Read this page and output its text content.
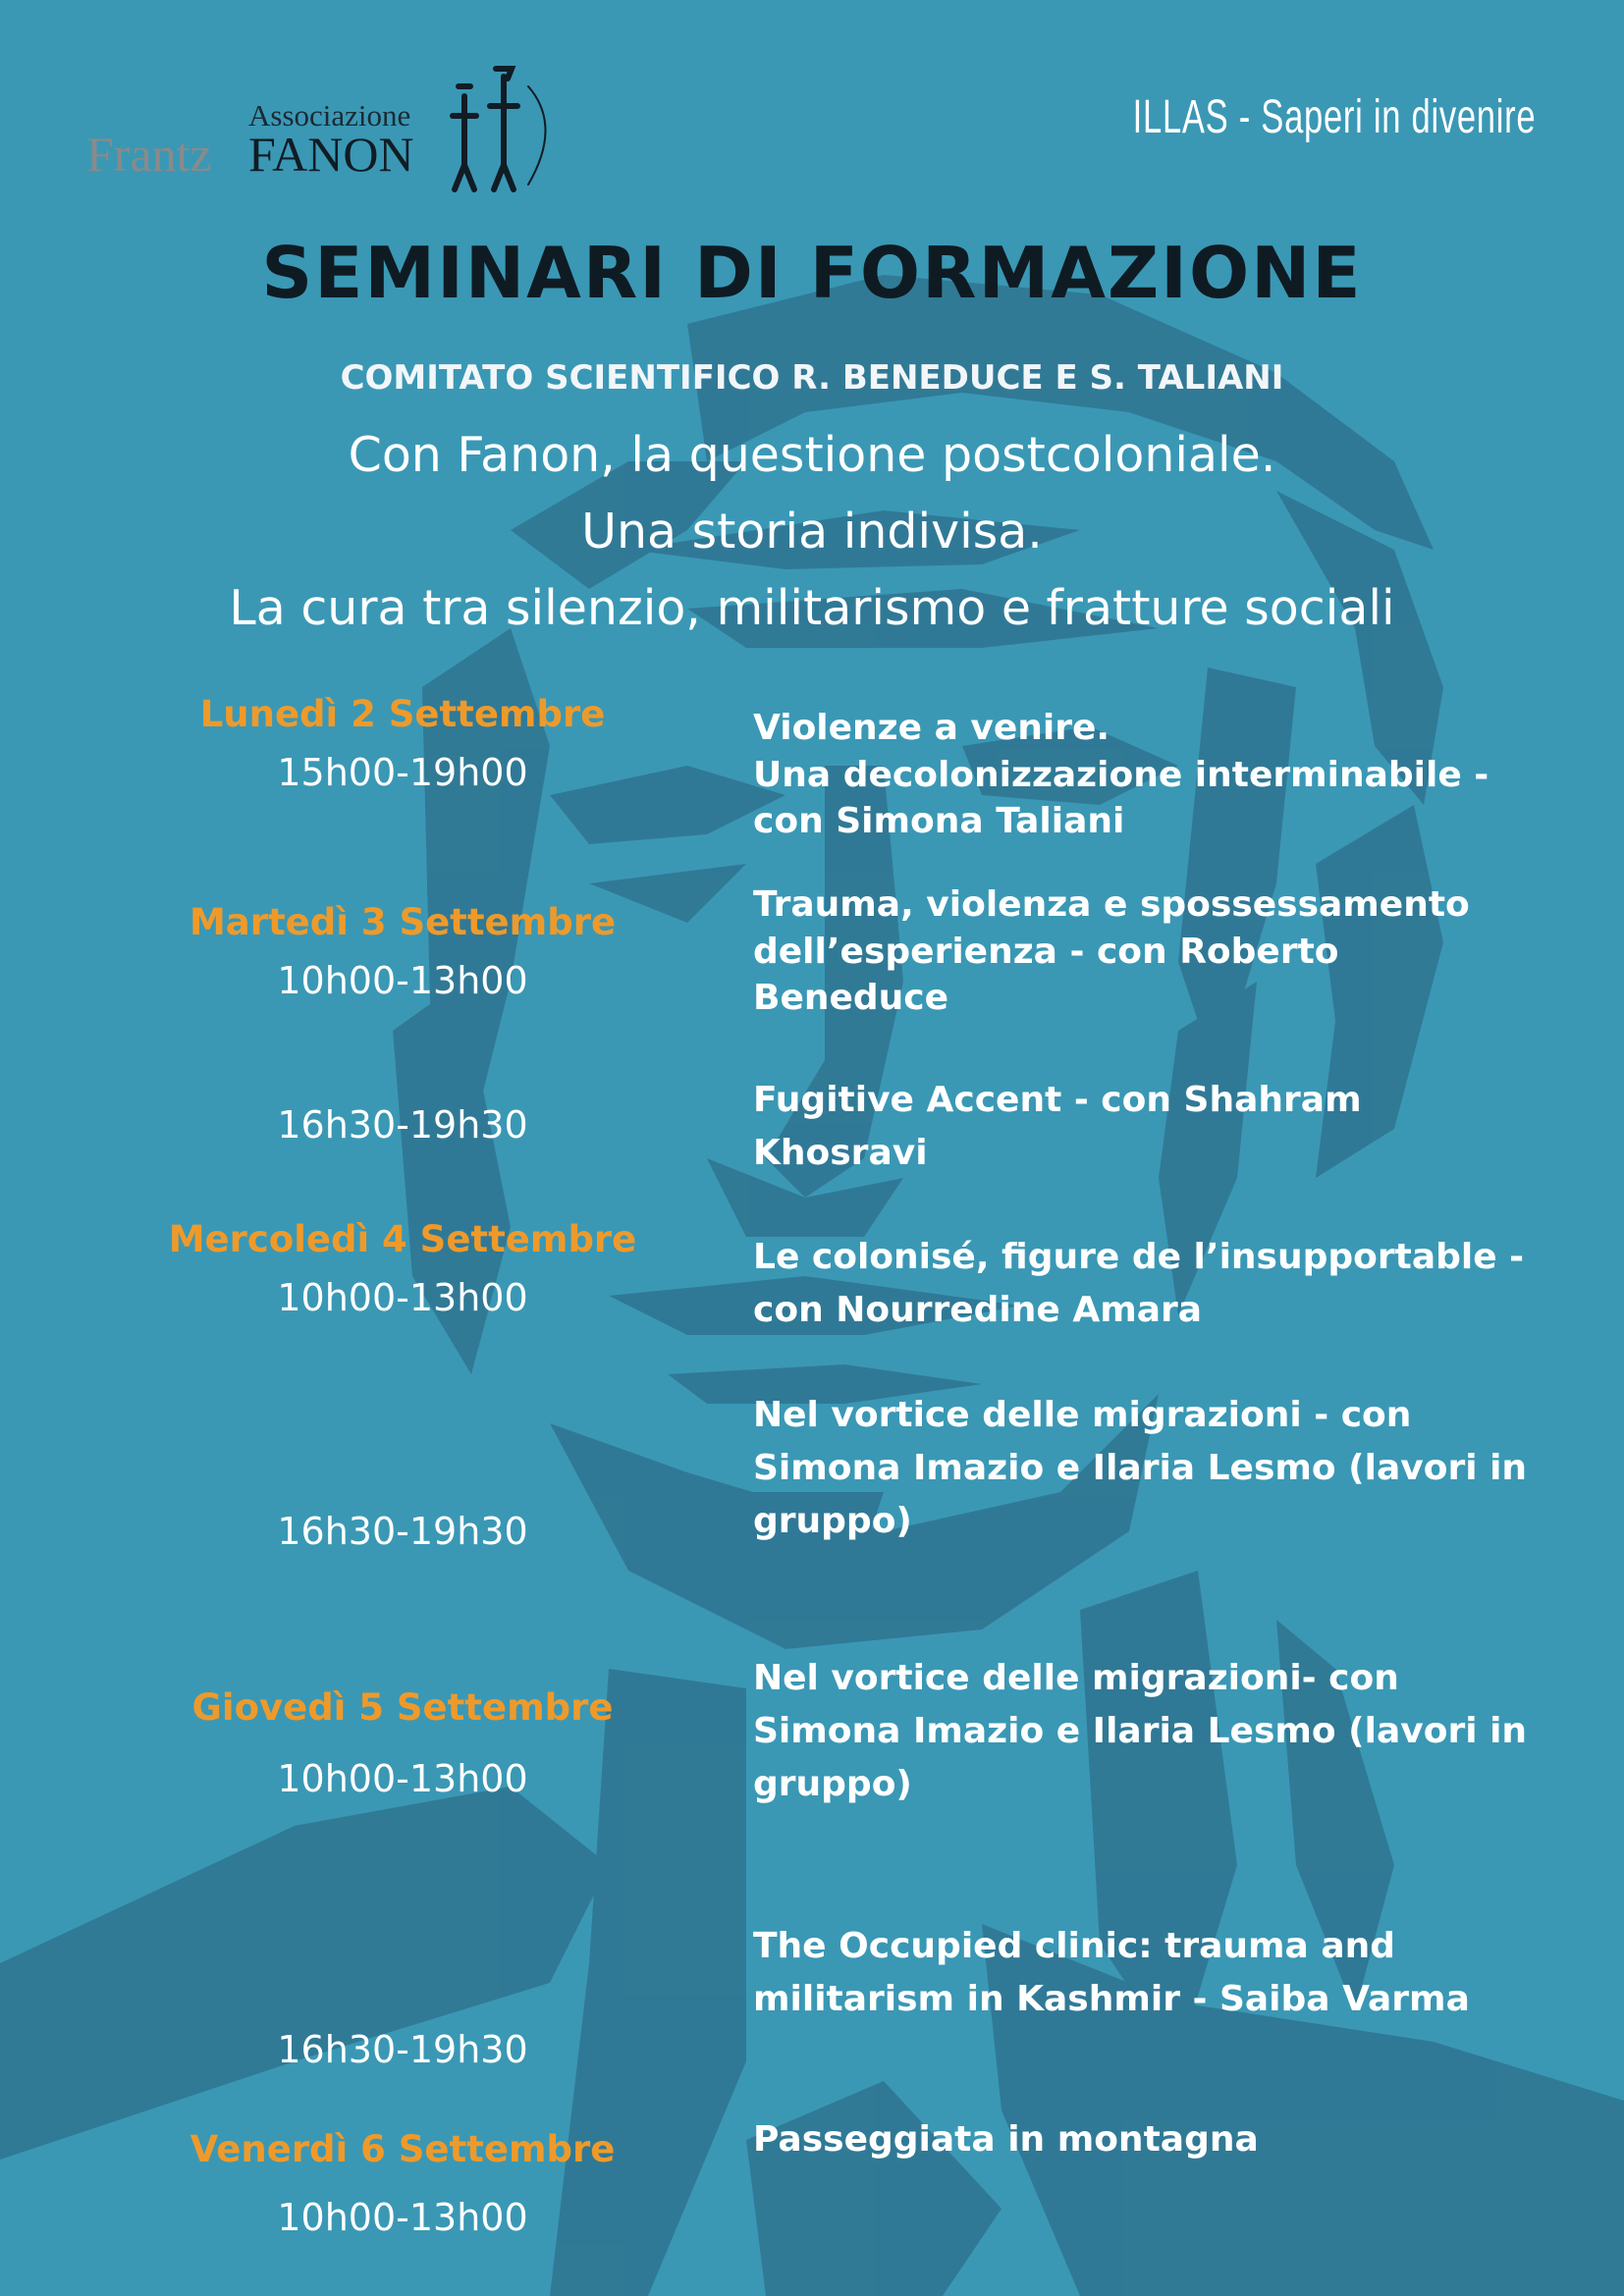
Associazione
Frantz FANON
ILLAS - Saperi in divenire
SEMINARI DI FORMAZIONE
COMITATO SCIENTIFICO R. BENEDUCE E S. TALIANI
Con Fanon, la questione postcoloniale.
Una storia indivisa.
La cura tra silenzio, militarismo e fratture sociali
Lunedì 2 Settembre
Martedì 3 Settembre
Mercoledì 4 Settembre
Giovedì 5 Settembre
Venerdì 6 Settembre
15h00-19h00
10h00-13h00
16h30-19h30
10h00-13h00
16h30-19h30
10h00-13h00
16h30-19h30
10h00-13h00
Violenze a venire.
Una decolonizzazione interminabile -
con Simona Taliani
Trauma, violenza e spossessamento
dell’esperienza - con Roberto
Beneduce
Fugitive Accent - con Shahram
Khosravi
Le colonisé, figure de l’insupportable -
con Nourredine Amara
Nel vortice delle migrazioni - con
Simona Imazio e Ilaria Lesmo (lavori in
gruppo)
Nel vortice delle migrazioni- con
Simona Imazio e Ilaria Lesmo (lavori in
gruppo)
The Occupied clinic: trauma and
militarism in Kashmir - Saiba Varma
Passeggiata in montagna
